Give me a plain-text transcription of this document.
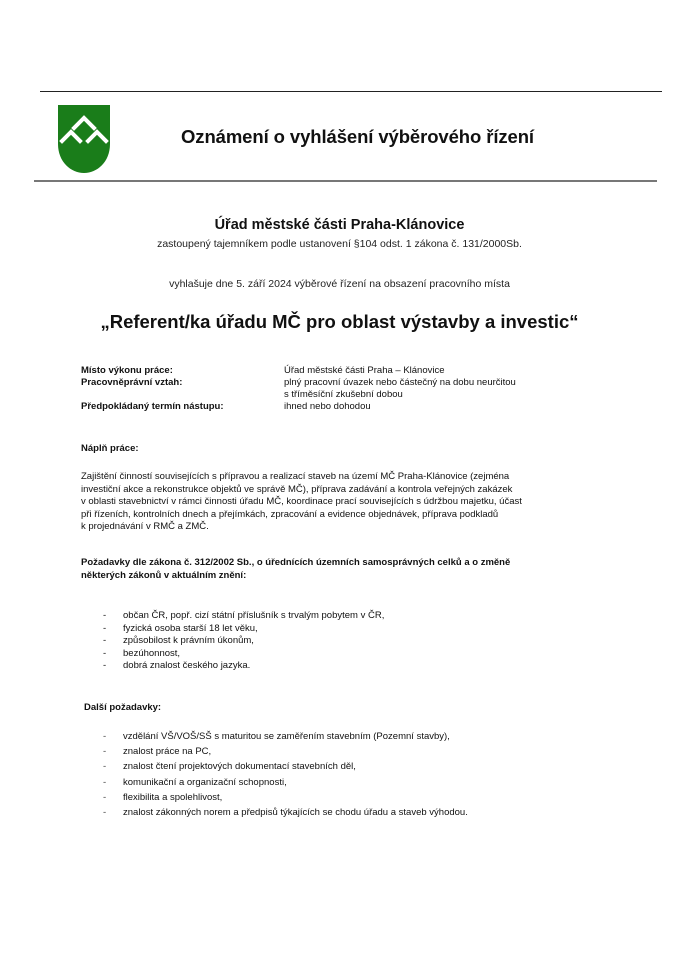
Oznámení o vyhlášení výběrového řízení
Úřad městské části Praha-Klánovice
zastoupený tajemníkem podle ustanovení §104 odst. 1 zákona č. 131/2000Sb.
vyhlašuje dne 5. září 2024 výběrové řízení na obsazení pracovního místa
„Referent/ka úřadu MČ pro oblast výstavby a investic“
Místo výkonu práce:	Úřad městské části Praha – Klánovice
Pracovněprávní vztah:	plný pracovní úvazek nebo částečný na dobu neurčitou
s tříměsíční zkušební dobou
Předpokládaný termín nástupu:	ihned nebo dohodou
Náplň práce:
Zajištění činností souvisejících s přípravou a realizací staveb na území MČ Praha-Klánovice (zejména
investiční akce a rekonstrukce objektů ve správě MČ), příprava zadávání a kontrola veřejných zakázek
v oblasti stavebnictví v rámci činnosti úřadu MČ, koordinace prací souvisejících s údržbou majetku, účast
při řízeních, kontrolních dnech a přejímkách, zpracování a evidence objednávek, příprava podkladů
k projednávání v RMČ a ZMČ.
Požadavky dle zákona č. 312/2002 Sb., o úřednících územních samosprávných celků a o změně
některých zákonů v aktuálním znění:
- občan ČR, popř. cizí státní příslušník s trvalým pobytem v ČR,
- fyzická osoba starší 18 let věku,
- způsobilost k právním úkonům,
- bezúhonnost,
- dobrá znalost českého jazyka.
Další požadavky:
- vzdělání VŠ/VOŠ/SŠ s maturitou se zaměřením stavebním (Pozemní stavby),
- znalost práce na PC,
- znalost čtení projektových dokumentací stavebních děl,
- komunikační a organizační schopnosti,
- flexibilita a spolehlivost,
- znalost zákonných norem a předpisů týkajících se chodu úřadu a staveb výhodou.
